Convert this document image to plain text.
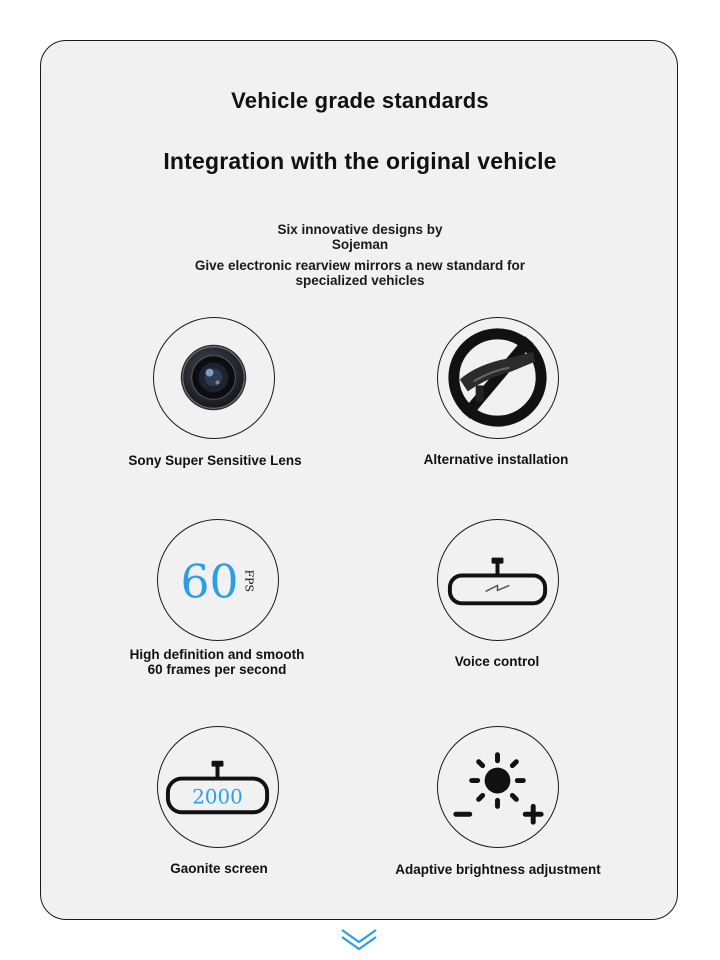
Vehicle grade standards
Integration with the original vehicle
Six innovative designs by
Sojeman
Give electronic rearview mirrors a new standard for
specialized vehicles
Sony Super Sensitive Lens	Alternative installation
60 FPS
High definition and smooth
60 frames per second
Voice control
2000
Gaonite screen	Adaptive brightness adjustment
